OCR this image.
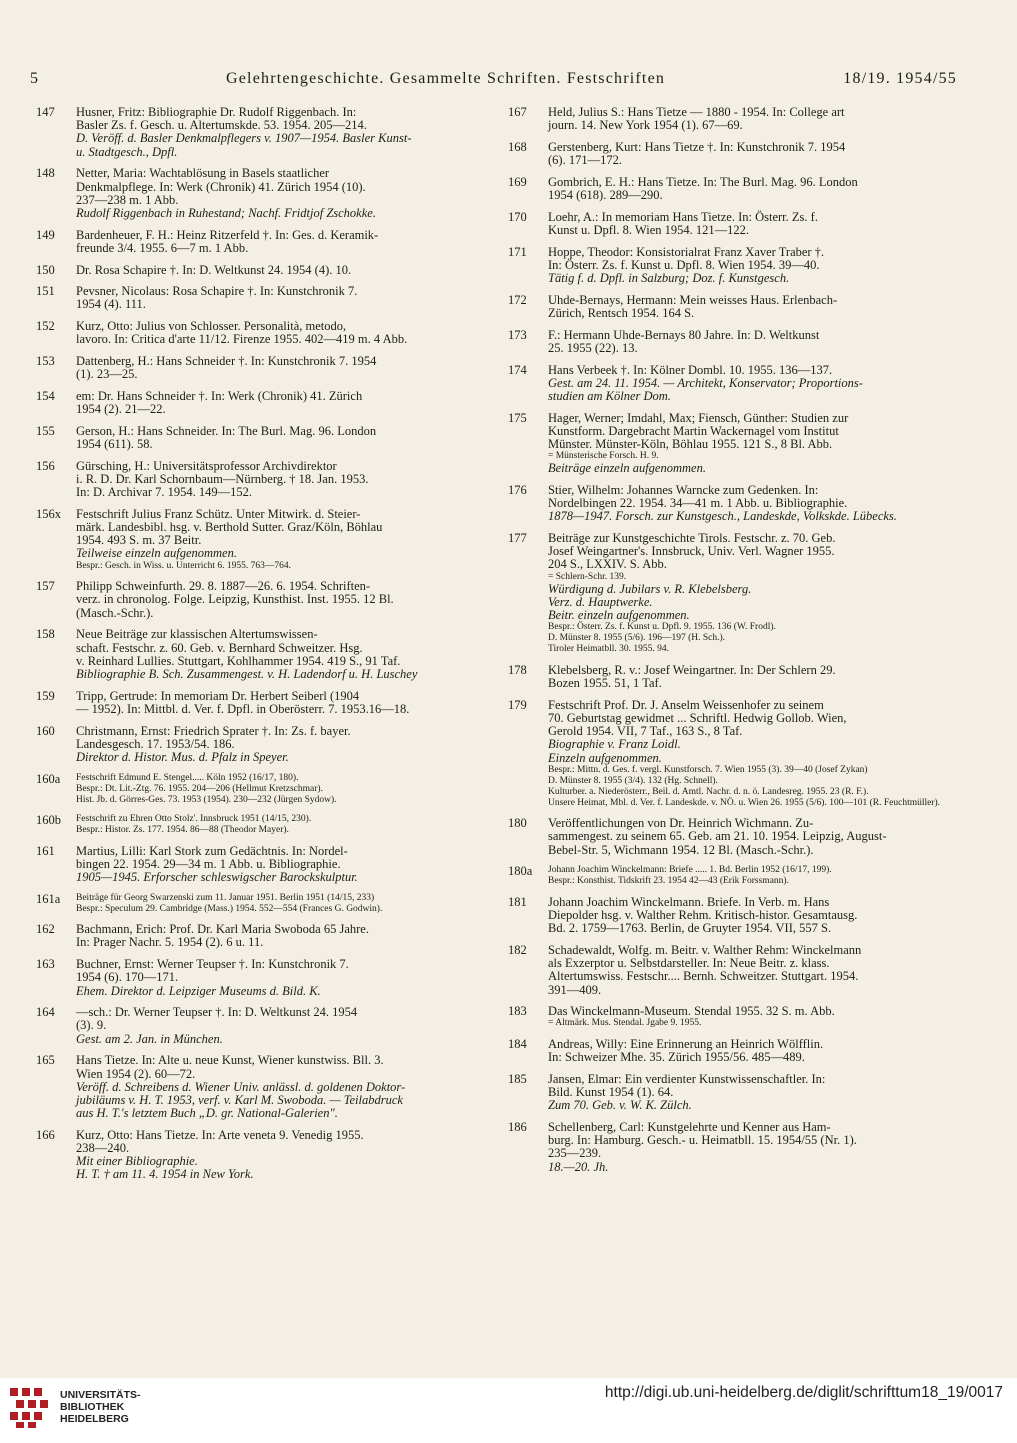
5	Gelehrtengeschichte. Gesammelte Schriften. Festschriften	18/19. 1954/55
147 Husner, Fritz: Bibliographie Dr. Rudolf Riggenbach. In:
Basler Zs. f. Gesch. u. Altertumskde. 53. 1954. 205—214.
D. Veröff. d. Basler Denkmalpflegers v. 1907—1954. Basler Kunst-
u. Stadtgesch., Dpfl.
148 Netter, Maria: Wachtablösung in Basels staatlicher
Denkmalpflege. In: Werk (Chronik) 41. Zürich 1954 (10).
237—238 m. 1 Abb.
Rudolf Riggenbach in Ruhestand; Nachf. Fridtjof Zschokke.
149 Bardenheuer, F. H.: Heinz Ritzerfeld †. In: Ges. d. Keramik-
freunde 3/4. 1955. 6—7 m. 1 Abb.
150 Dr. Rosa Schapire †. In: D. Weltkunst 24. 1954 (4). 10.
151 Pevsner, Nicolaus: Rosa Schapire †. In: Kunstchronik 7.
1954 (4). 111.
152 Kurz, Otto: Julius von Schlosser. Personalità, metodo,
lavoro. In: Critica d'arte 11/12. Firenze 1955. 402—419 m. 4 Abb.
153 Dattenberg, H.: Hans Schneider †. In: Kunstchronik 7. 1954
(1). 23—25.
154 em: Dr. Hans Schneider †. In: Werk (Chronik) 41. Zürich
1954 (2). 21—22.
155 Gerson, H.: Hans Schneider. In: The Burl. Mag. 96. London
1954 (611). 58.
156 Gürsching, H.: Universitätsprofessor Archivdirektor
i. R. D. Dr. Karl Schornbaum—Nürnberg. † 18. Jan. 1953.
In: D. Archivar 7. 1954. 149—152.
156x Festschrift Julius Franz Schütz. Unter Mitwirk. d. Steier-
märk. Landesbibl. hsg. v. Berthold Sutter. Graz/Köln, Böhlau
1954. 493 S. m. 37 Beitr.
Teilweise einzeln aufgenommen.
Bespr.: Gesch. in Wiss. u. Unterricht 6. 1955. 763—764.
157 Philipp Schweinfurth. 29. 8. 1887—26. 6. 1954. Schriften-
verz. in chronolog. Folge. Leipzig, Kunsthist. Inst. 1955. 12 Bl.
(Masch.-Schr.).
158 Neue Beiträge zur klassischen Altertumswissen-
schaft. Festschr. z. 60. Geb. v. Bernhard Schweitzer. Hsg.
v. Reinhard Lullies. Stuttgart, Kohlhammer 1954. 419 S., 91 Taf.
Bibliographie B. Sch. Zusammengest. v. H. Ladendorf u. H. Luschey
159 Tripp, Gertrude: In memoriam Dr. Herbert Seiberl (1904
— 1952). In: Mittbl. d. Ver. f. Dpfl. in Oberösterr. 7. 1953.16—18.
160 Christmann, Ernst: Friedrich Sprater †. In: Zs. f. bayer.
Landesgesch. 17. 1953/54. 186.
Direktor d. Histor. Mus. d. Pfalz in Speyer.
160a Festschrift Edmund E. Stengel..... Köln 1952 (16/17, 180).
Bespr.: Dt. Lit.-Ztg. 76. 1955. 204—206 (Hellmut Kretzschmar).
Hist. Jb. d. Görres-Ges. 73. 1953 (1954). 230—232 (Jürgen Sydow).
160b Festschrift zu Ehren Otto Stolz'. Innsbruck 1951 (14/15, 230).
Bespr.: Histor. Zs. 177. 1954. 86—88 (Theodor Mayer).
161 Martius, Lilli: Karl Stork zum Gedächtnis. In: Nordel-
bingen 22. 1954. 29—34 m. 1 Abb. u. Bibliographie.
1905—1945. Erforscher schleswigscher Barockskulptur.
161a Beiträge für Georg Swarzenski zum 11. Januar 1951. Berlin 1951 (14/15, 233)
Bespr.: Speculum 29. Cambridge (Mass.) 1954. 552—554 (Frances G. Godwin).
162 Bachmann, Erich: Prof. Dr. Karl Maria Swoboda 65 Jahre.
In: Prager Nachr. 5. 1954 (2). 6 u. 11.
163 Buchner, Ernst: Werner Teupser †. In: Kunstchronik 7.
1954 (6). 170—171.
Ehem. Direktor d. Leipziger Museums d. Bild. K.
164 —sch.: Dr. Werner Teupser †. In: D. Weltkunst 24. 1954
(3). 9.
Gest. am 2. Jan. in München.
165 Hans Tietze. In: Alte u. neue Kunst, Wiener kunstwiss. Bll. 3.
Wien 1954 (2). 60—72.
Veröff. d. Schreibens d. Wiener Univ. anlässl. d. goldenen Doktor-
jubiläums v. H. T. 1953, verf. v. Karl M. Swoboda. — Teilabdruck
aus H. T.'s letztem Buch „D. gr. National-Galerien".
166 Kurz, Otto: Hans Tietze. In: Arte veneta 9. Venedig 1955.
238—240.
Mit einer Bibliographie.
H. T. † am 11. 4. 1954 in New York.
167 Held, Julius S.: Hans Tietze — 1880 - 1954. In: College art
journ. 14. New York 1954 (1). 67—69.
168 Gerstenberg, Kurt: Hans Tietze †. In: Kunstchronik 7. 1954
(6). 171—172.
169 Gombrich, E. H.: Hans Tietze. In: The Burl. Mag. 96. London
1954 (618). 289—290.
170 Loehr, A.: In memoriam Hans Tietze. In: Österr. Zs. f.
Kunst u. Dpfl. 8. Wien 1954. 121—122.
171 Hoppe, Theodor: Konsistorialrat Franz Xaver Traber †.
In: Österr. Zs. f. Kunst u. Dpfl. 8. Wien 1954. 39—40.
Tätig f. d. Dpfl. in Salzburg; Doz. f. Kunstgesch.
172 Uhde-Bernays, Hermann: Mein weisses Haus. Erlenbach-
Zürich, Rentsch 1954. 164 S.
173 F.: Hermann Uhde-Bernays 80 Jahre. In: D. Weltkunst
25. 1955 (22). 13.
174 Hans Verbeek †. In: Kölner Dombl. 10. 1955. 136—137.
Gest. am 24. 11. 1954. — Architekt, Konservator; Proportions-
studien am Kölner Dom.
175 Hager, Werner; Imdahl, Max; Fiensch, Günther: Studien zur
Kunstform. Dargebracht Martin Wackernagel vom Institut
Münster. Münster-Köln, Böhlau 1955. 121 S., 8 Bl. Abb.
= Münsterische Forsch. H. 9.
Beiträge einzeln aufgenommen.
176 Stier, Wilhelm: Johannes Warncke zum Gedenken. In:
Nordelbingen 22. 1954. 34—41 m. 1 Abb. u. Bibliographie.
1878—1947. Forsch. zur Kunstgesch., Landeskde, Volkskde. Lübecks.
177 Beiträge zur Kunstgeschichte Tirols. Festschr. z. 70. Geb.
Josef Weingartner's. Innsbruck, Univ. Verl. Wagner 1955.
204 S., LXXIV. S. Abb.
= Schlern-Schr. 139.
Würdigung d. Jubilars v. R. Klebelsberg.
Verz. d. Hauptwerke.
Beitr. einzeln aufgenommen.
Bespr.: Österr. Zs. f. Kunst u. Dpfl. 9. 1955. 136 (W. Frodl).
D. Münster 8. 1955 (5/6). 196—197 (H. Sch.).
Tiroler Heimatbll. 30. 1955. 94.
178 Klebelsberg, R. v.: Josef Weingartner. In: Der Schlern 29.
Bozen 1955. 51, 1 Taf.
179 Festschrift Prof. Dr. J. Anselm Weissenhofer zu seinem
70. Geburtstag gewidmet ... Schriftl. Hedwig Gollob. Wien,
Gerold 1954. VII, 7 Taf., 163 S., 8 Taf.
Biographie v. Franz Loidl.
Einzeln aufgenommen.
Bespr.: Mittn. d. Ges. f. vergl. Kunstforsch. 7. Wien 1955 (3). 39—40 (Josef Zykan)
D. Münster 8. 1955 (3/4). 132 (Hg. Schnell).
Kulturber. a. Niederösterr., Beil. d. Amtl. Nachr. d. n. ö. Landesreg. 1955. 23 (R. F.).
Unsere Heimat, Mbl. d. Ver. f. Landeskde. v. NÖ. u. Wien 26. 1955 (5/6). 100—101 (R. Feuchtmüller).
180 Veröffentlichungen von Dr. Heinrich Wichmann. Zu-
sammengest. zu seinem 65. Geb. am 21. 10. 1954. Leipzig, August-
Bebel-Str. 5, Wichmann 1954. 12 Bl. (Masch.-Schr.).
180a Johann Joachim Winckelmann: Briefe ..... 1. Bd. Berlin 1952 (16/17, 199).
Bespr.: Konsthist. Tidskrift 23. 1954 42—43 (Erik Forssmann).
181 Johann Joachim Winckelmann. Briefe. In Verb. m. Hans
Diepolder hsg. v. Walther Rehm. Kritisch-histor. Gesamtausg.
Bd. 2. 1759—1763. Berlin, de Gruyter 1954. VII, 557 S.
182 Schadewaldt, Wolfg. m. Beitr. v. Walther Rehm: Winckelmann
als Exzerptor u. Selbstdarsteller. In: Neue Beitr. z. klass.
Altertumswiss. Festschr.... Bernh. Schweitzer. Stuttgart. 1954.
391—409.
183 Das Winckelmann-Museum. Stendal 1955. 32 S. m. Abb.
= Altmärk. Mus. Stendal. Jgabe 9. 1955.
184 Andreas, Willy: Eine Erinnerung an Heinrich Wölfflin.
In: Schweizer Mhe. 35. Zürich 1955/56. 485—489.
185 Jansen, Elmar: Ein verdienter Kunstwissenschaftler. In:
Bild. Kunst 1954 (1). 64.
Zum 70. Geb. v. W. K. Zülch.
186 Schellenberg, Carl: Kunstgelehrte und Kenner aus Ham-
burg. In: Hamburg. Gesch.- u. Heimatbll. 15. 1954/55 (Nr. 1).
235—239.
18.—20. Jh.
UNIVERSITÄTS-
BIBLIOTHEK
HEIDELBERG
http://digi.ub.uni-heidelberg.de/diglit/schrifttum18_19/0017
